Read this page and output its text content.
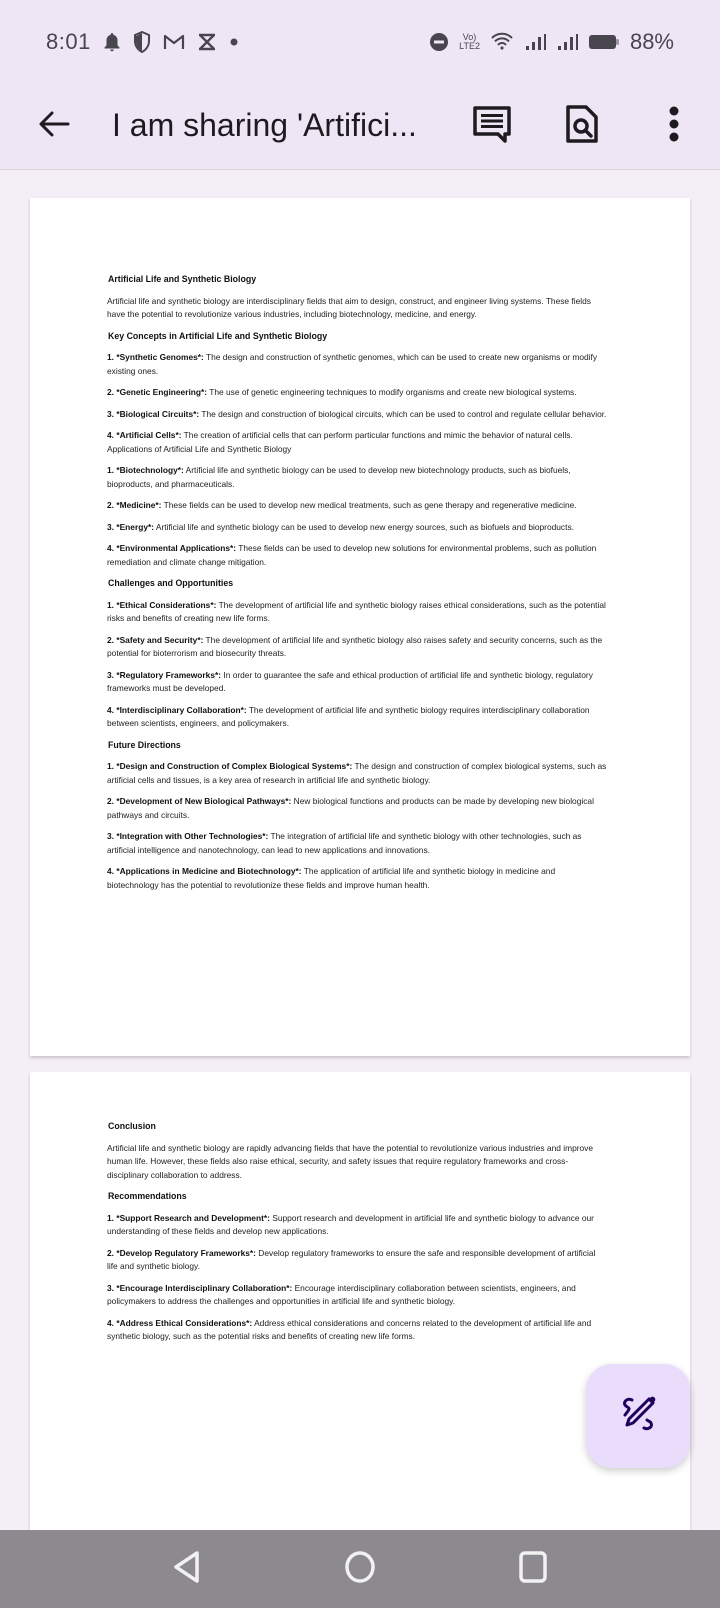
8:01	Vo)
LTE2	88%
I am sharing 'Artifici...
Artificial Life and Synthetic Biology

Artificial life and synthetic biology are interdisciplinary fields that aim to design, construct, and engineer living systems. These fields have the potential to revolutionize various industries, including biotechnology, medicine, and energy.

Key Concepts in Artificial Life and Synthetic Biology
1. *Synthetic Genomes*: The design and construction of synthetic genomes, which can be used to create new organisms or modify existing ones.
2. *Genetic Engineering*: The use of genetic engineering techniques to modify organisms and create new biological systems.
3. *Biological Circuits*: The design and construction of biological circuits, which can be used to control and regulate cellular behavior.
4. *Artificial Cells*: The creation of artificial cells that can perform particular functions and mimic the behavior of natural cells. Applications of Artificial Life and Synthetic Biology
1. *Biotechnology*: Artificial life and synthetic biology can be used to develop new biotechnology products, such as biofuels, bioproducts, and pharmaceuticals.
2. *Medicine*: These fields can be used to develop new medical treatments, such as gene therapy and regenerative medicine.
3. *Energy*: Artificial life and synthetic biology can be used to develop new energy sources, such as biofuels and bioproducts.
4. *Environmental Applications*: These fields can be used to develop new solutions for environmental problems, such as pollution remediation and climate change mitigation.
Challenges and Opportunities
1. *Ethical Considerations*: The development of artificial life and synthetic biology raises ethical considerations, such as the potential risks and benefits of creating new life forms.
2. *Safety and Security*: The development of artificial life and synthetic biology also raises safety and security concerns, such as the potential for bioterrorism and biosecurity threats.
3. *Regulatory Frameworks*: In order to guarantee the safe and ethical production of artificial life and synthetic biology, regulatory frameworks must be developed.
4. *Interdisciplinary Collaboration*: The development of artificial life and synthetic biology requires interdisciplinary collaboration between scientists, engineers, and policymakers.
Future Directions
1. *Design and Construction of Complex Biological Systems*: The design and construction of complex biological systems, such as artificial cells and tissues, is a key area of research in artificial life and synthetic biology.
2. *Development of New Biological Pathways*: New biological functions and products can be made by developing new biological pathways and circuits.
3. *Integration with Other Technologies*: The integration of artificial life and synthetic biology with other technologies, such as artificial intelligence and nanotechnology, can lead to new applications and innovations.
4. *Applications in Medicine and Biotechnology*: The application of artificial life and synthetic biology in medicine and biotechnology has the potential to revolutionize these fields and improve human health.
Conclusion

Artificial life and synthetic biology are rapidly advancing fields that have the potential to revolutionize various industries and improve human life. However, these fields also raise ethical, security, and safety issues that require regulatory frameworks and cross-disciplinary collaboration to address.

Recommendations
1. *Support Research and Development*: Support research and development in artificial life and synthetic biology to advance our understanding of these fields and develop new applications.
2. *Develop Regulatory Frameworks*: Develop regulatory frameworks to ensure the safe and responsible development of artificial life and synthetic biology.
3. *Encourage Interdisciplinary Collaboration*: Encourage interdisciplinary collaboration between scientists, engineers, and policymakers to address the challenges and opportunities in artificial life and synthetic biology.
4. *Address Ethical Considerations*: Address ethical considerations and concerns related to the development of artificial life and synthetic biology, such as the potential risks and benefits of creating new life forms.
